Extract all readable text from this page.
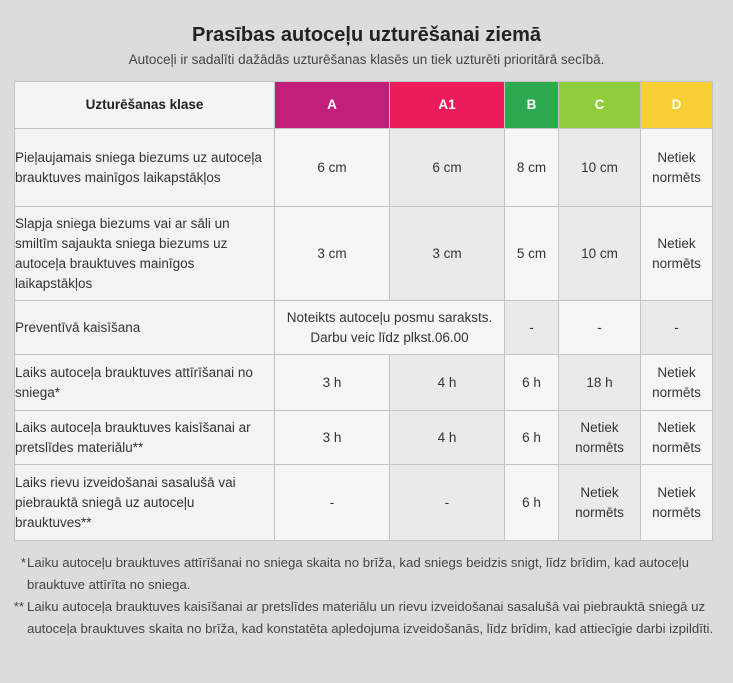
Prasības autoceļu uzturēšanai ziemā
Autoceļi ir sadalīti dažādās uzturēšanas klasēs un tiek uzturēti prioritārā secībā.
Uzturēšanas klase	A	A1	B	C	D
Pieļaujamais sniega biezums uz autoceļa brauktuves mainīgos laikapstākļos	6 cm	6 cm	8 cm	10 cm	Netiek normēts
Slapja sniega biezums vai ar sāli un smiltīm sajaukta sniega biezums uz autoceļa brauktuves mainīgos laikapstākļos	3 cm	3 cm	5 cm	10 cm	Netiek normēts
Preventīvā kaisīšana	Noteikts autoceļu posmu saraksts. Darbu veic līdz plkst.06.00		-	-	-
Laiks autoceļa brauktuves attīrīšanai no sniega*	3 h	4 h	6 h	18 h	Netiek normēts
Laiks autoceļa brauktuves kaisīšanai ar pretslīdes materiālu**	3 h	4 h	6 h	Netiek normēts	Netiek normēts
Laiks rievu izveidošanai sasalušā vai piebrauktā sniegā uz autoceļu brauktuves**	-	-	6 h	Netiek normēts	Netiek normēts
* Laiku autoceļu brauktuves attīrīšanai no sniega skaita no brīža, kad sniegs beidzis snigt, līdz brīdim, kad autoceļu brauktuve attīrīta no sniega.
** Laiku autoceļa brauktuves kaisīšanai ar pretslīdes materiālu un rievu izveidošanai sasalušā vai piebrauktā sniegā uz autoceļa brauktuves skaita no brīža, kad konstatēta apledojuma izveidošanās, līdz brīdim, kad attiecīgie darbi izpildīti.
